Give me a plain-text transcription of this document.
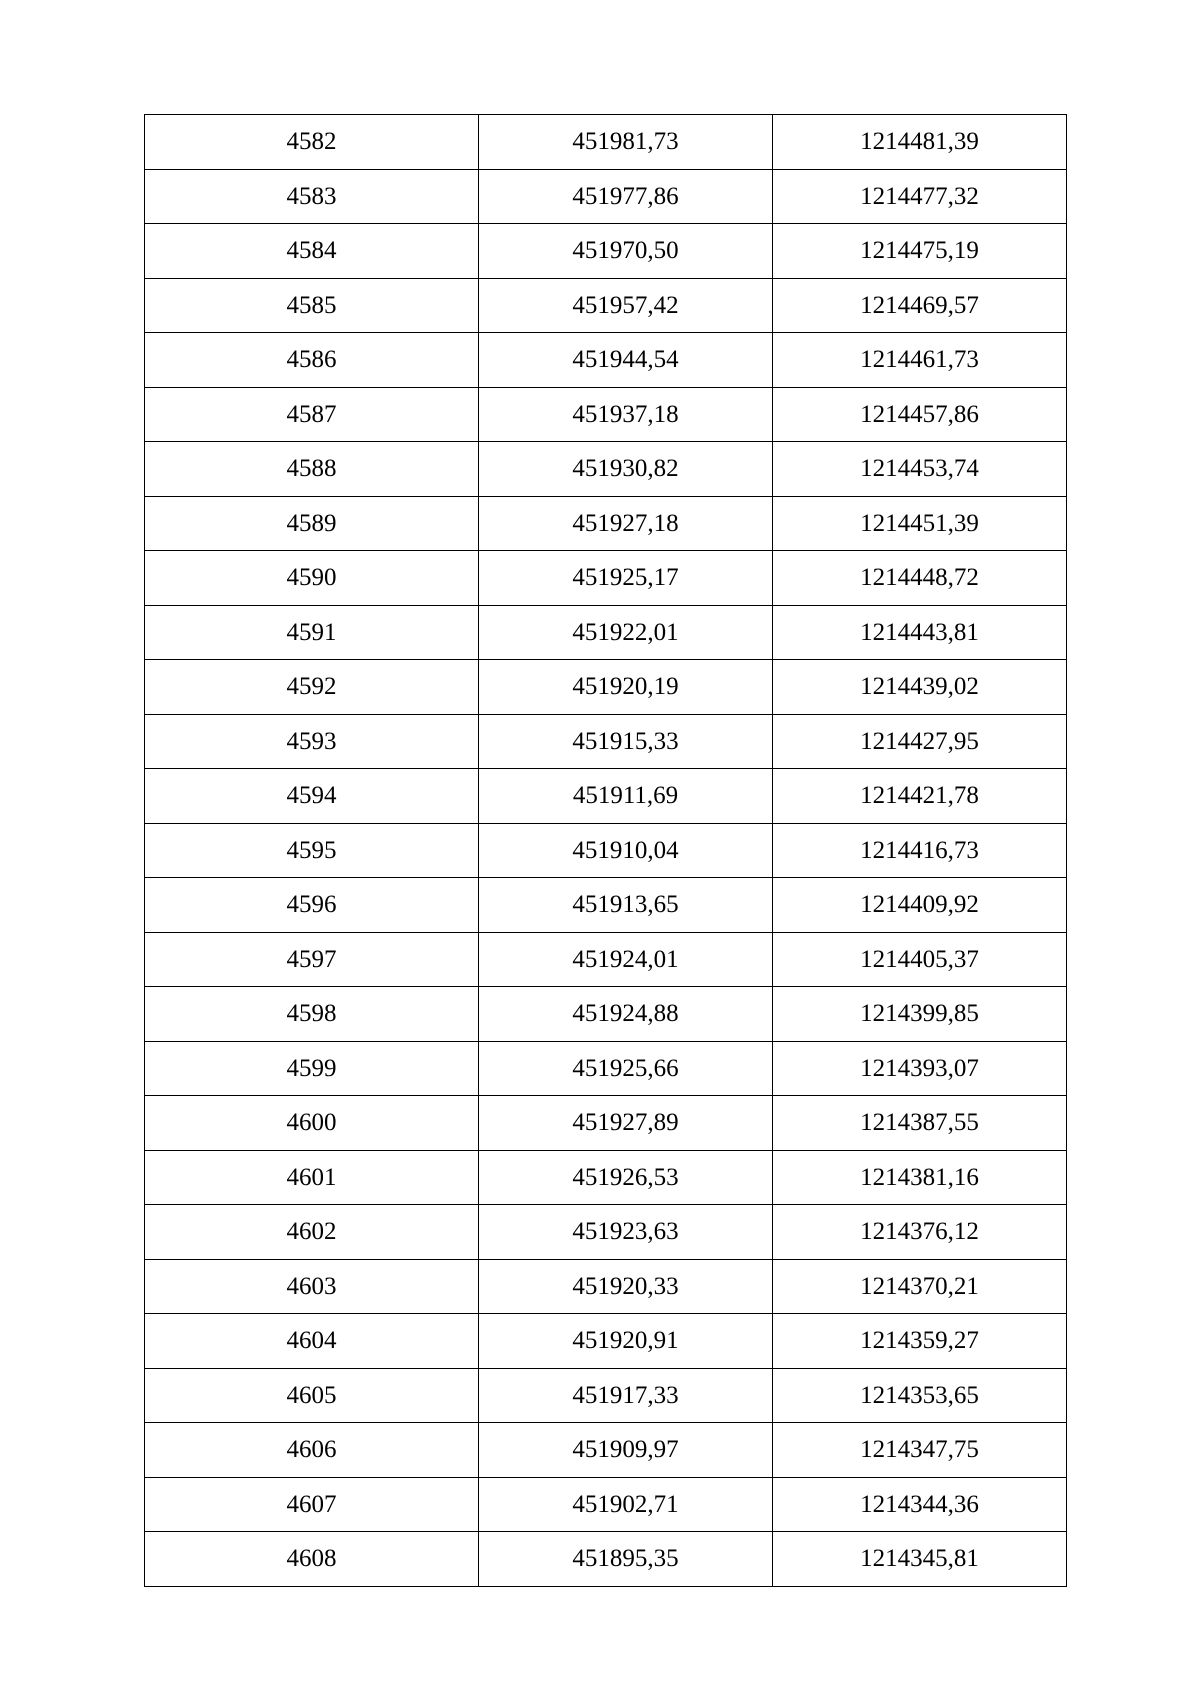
4582	451981,73	1214481,39
4583	451977,86	1214477,32
4584	451970,50	1214475,19
4585	451957,42	1214469,57
4586	451944,54	1214461,73
4587	451937,18	1214457,86
4588	451930,82	1214453,74
4589	451927,18	1214451,39
4590	451925,17	1214448,72
4591	451922,01	1214443,81
4592	451920,19	1214439,02
4593	451915,33	1214427,95
4594	451911,69	1214421,78
4595	451910,04	1214416,73
4596	451913,65	1214409,92
4597	451924,01	1214405,37
4598	451924,88	1214399,85
4599	451925,66	1214393,07
4600	451927,89	1214387,55
4601	451926,53	1214381,16
4602	451923,63	1214376,12
4603	451920,33	1214370,21
4604	451920,91	1214359,27
4605	451917,33	1214353,65
4606	451909,97	1214347,75
4607	451902,71	1214344,36
4608	451895,35	1214345,81
